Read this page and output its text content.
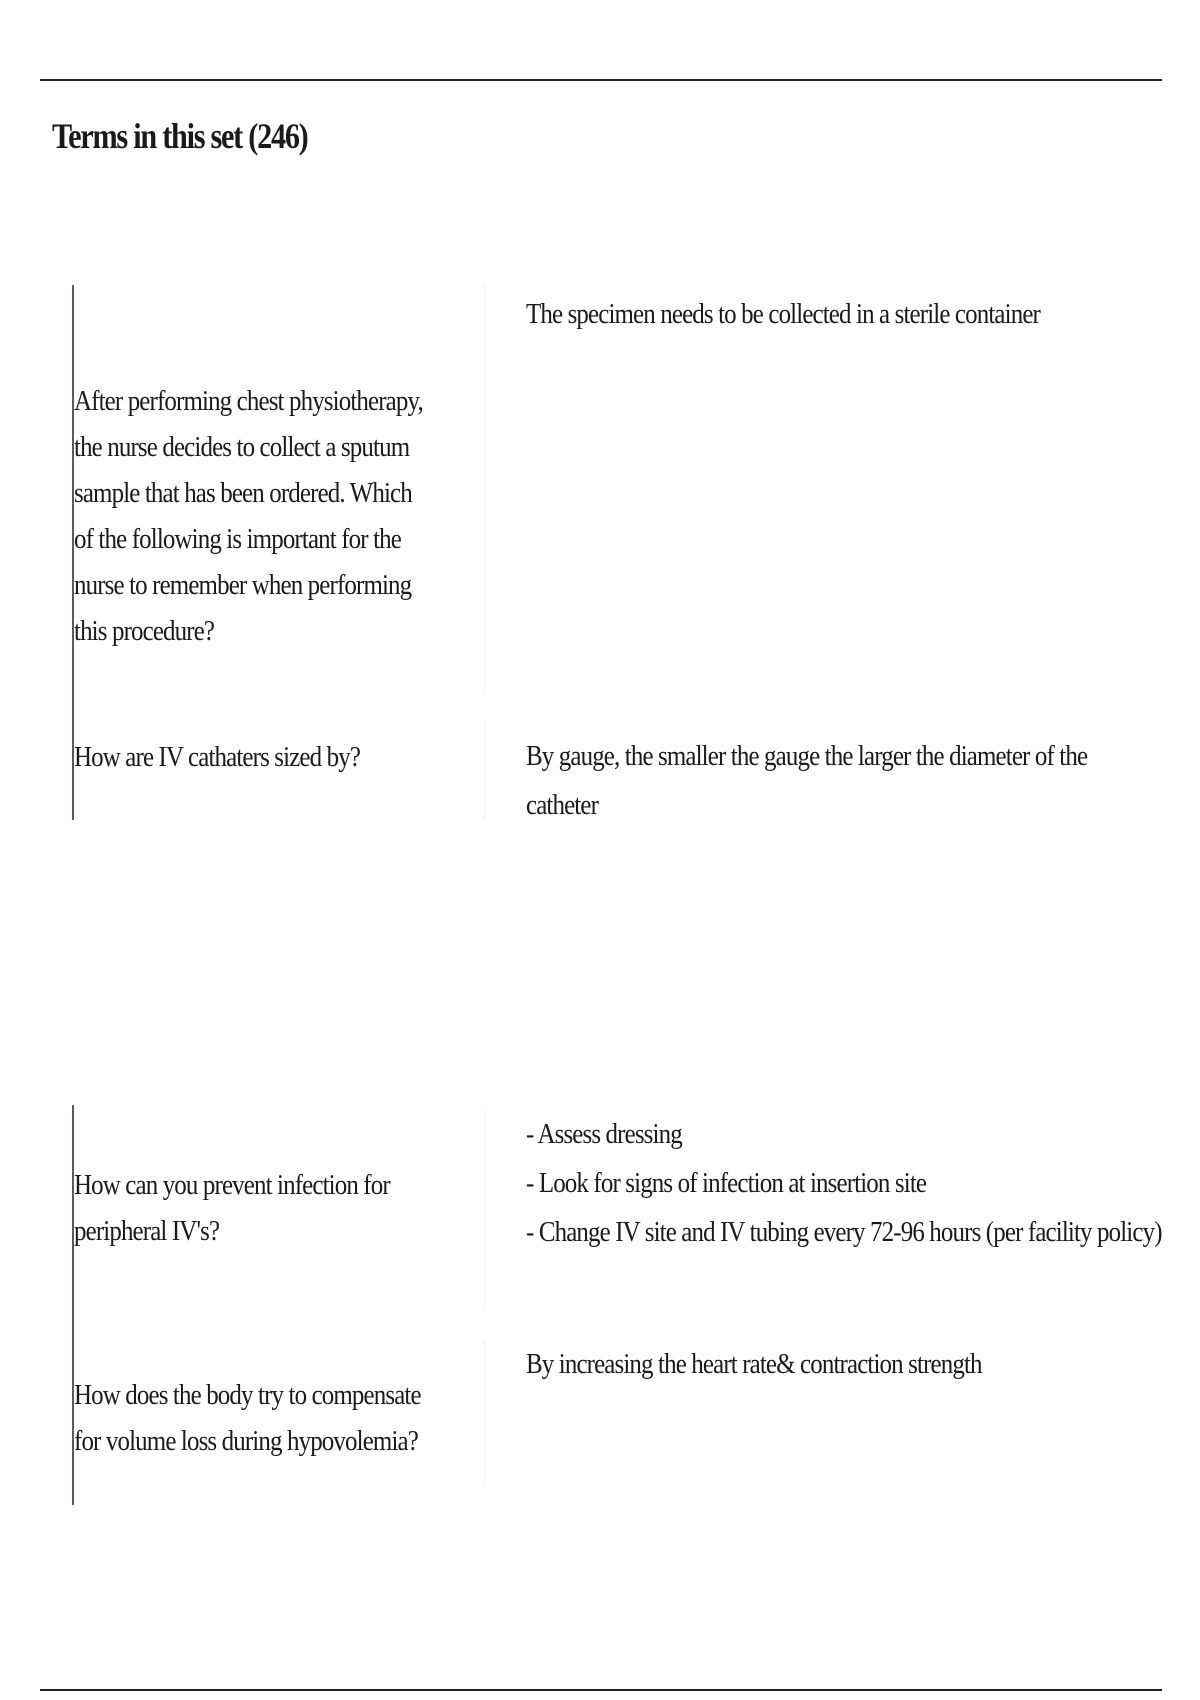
Terms in this set (246)
After performing chest physiotherapy, the nurse decides to collect a sputum sample that has been ordered. Which of the following is important for the nurse to remember when performing this procedure?
The specimen needs to be collected in a sterile container
How are IV cathaters sized by?	By gauge, the smaller the gauge the larger the diameter of the catheter
How can you prevent infection for peripheral IV's?
- Assess dressing
- Look for signs of infection at insertion site
- Change IV site and IV tubing every 72-96 hours (per facility policy)
How does the body try to compensate for volume loss during hypovolemia?
By increasing the heart rate& contraction strength
